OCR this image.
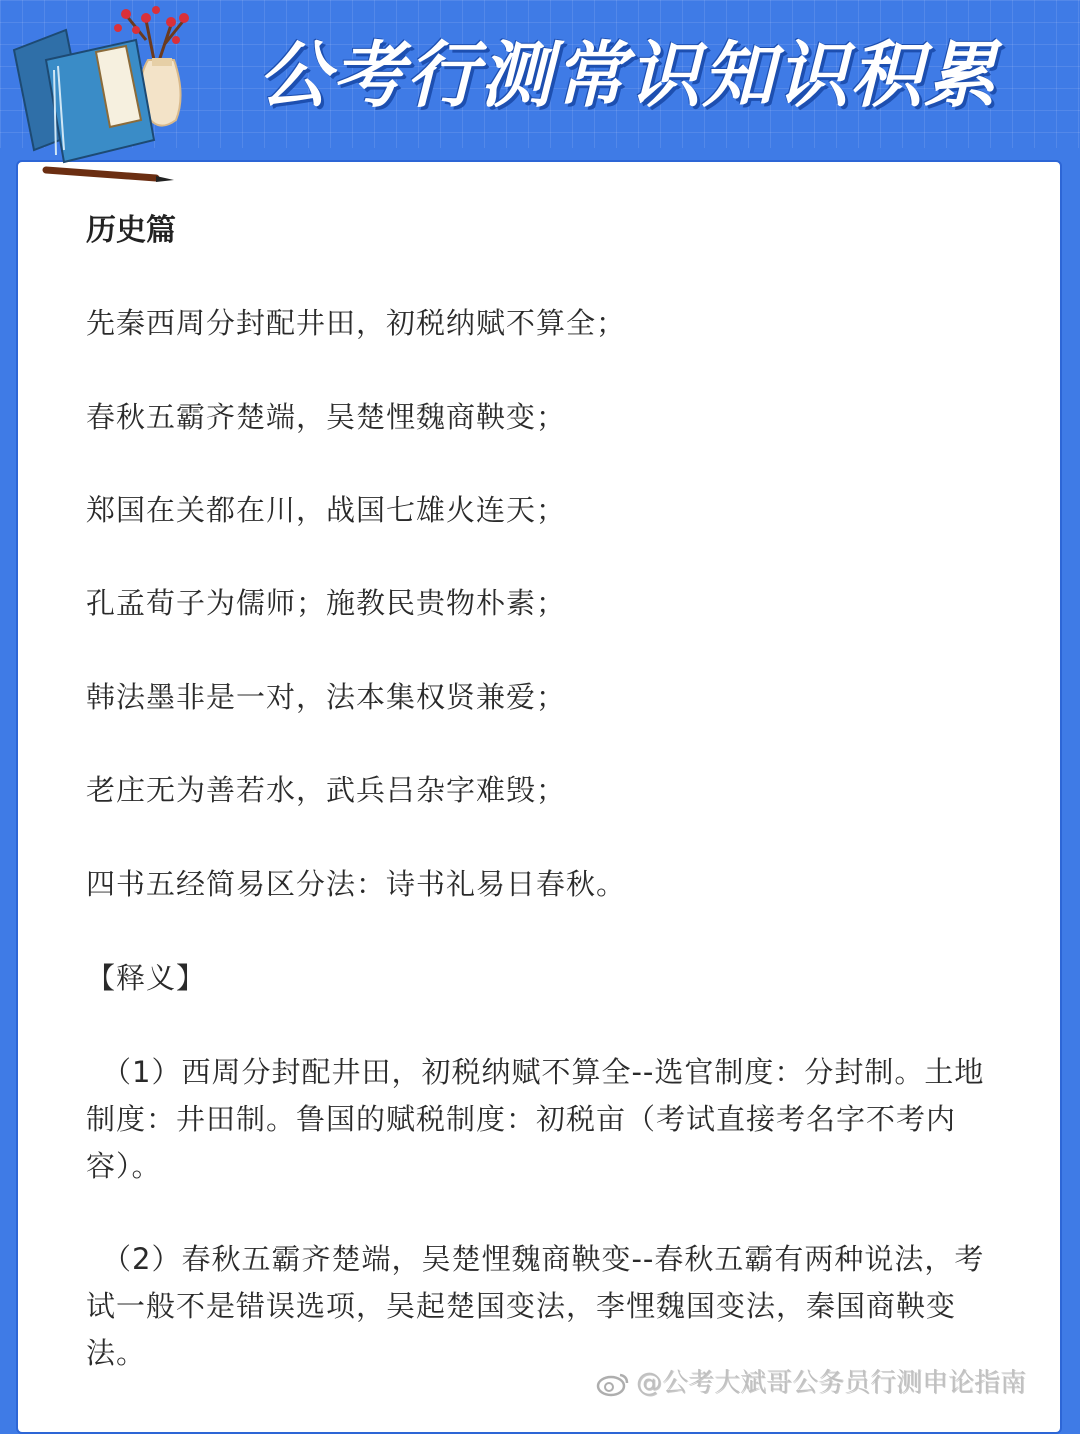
公考行测常识知识积累
历史篇
先秦西周分封配井田，初税纳赋不算全；
春秋五霸齐楚端，吴楚悝魏商鞅变；
郑国在关都在川，战国七雄火连天；
孔孟荀子为儒师；施教民贵物朴素；
韩法墨非是一对，法本集权贤兼爱；
老庄无为善若水，武兵吕杂字难毁；
四书五经简易区分法：诗书礼易日春秋。
【释义】
（1）西周分封配井田，初税纳赋不算全--选官制度：分封制。土地制度：井田制。鲁国的赋税制度：初税亩（考试直接考名字不考内容）。
（2）春秋五霸齐楚端，吴楚悝魏商鞅变--春秋五霸有两种说法，考试一般不是错误选项，吴起楚国变法，李悝魏国变法，秦国商鞅变法。
@公考大斌哥公务员行测申论指南
